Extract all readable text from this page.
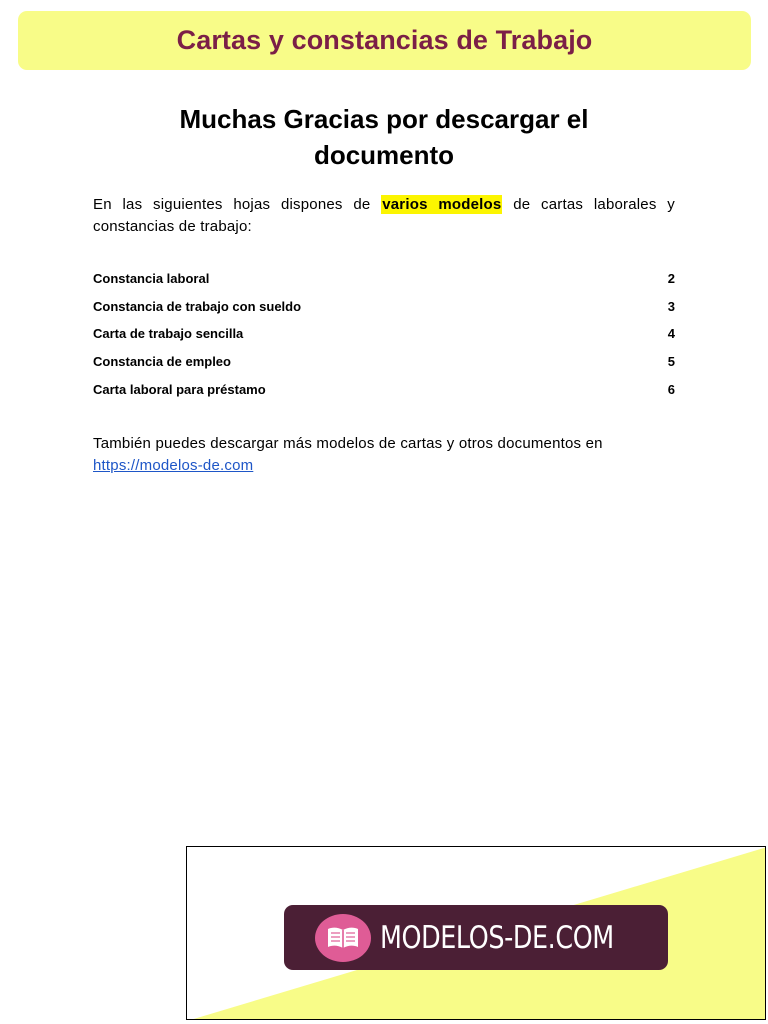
Cartas y constancias de Trabajo
Muchas Gracias por descargar el
documento

En las siguientes hojas dispones de varios modelos de cartas laborales y constancias de trabajo:

Constancia laboral	2
Constancia de trabajo con sueldo	3
Carta de trabajo sencilla	4
Constancia de empleo	5
Carta laboral para préstamo	6

También puedes descargar más modelos de cartas y otros documentos en
https://modelos-de.com

MODELOS-DE.COM
